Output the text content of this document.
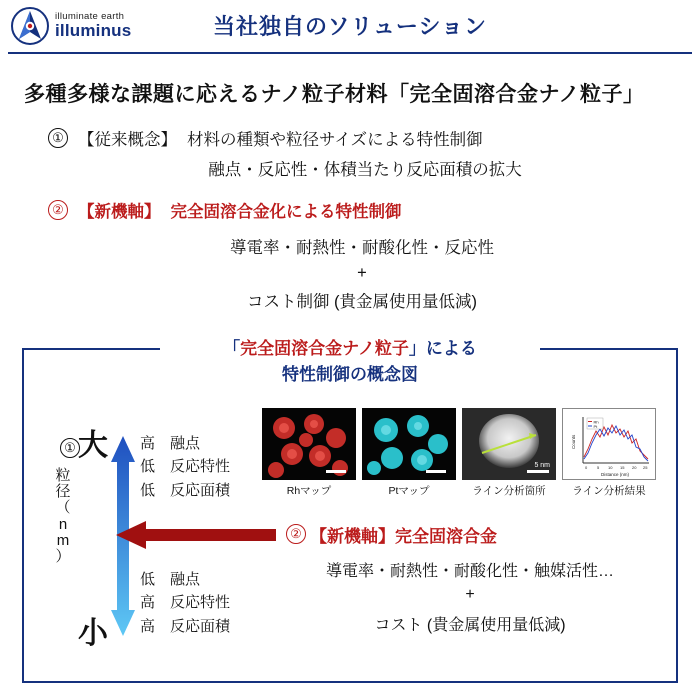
illuminate earth
illuminus	当社独自のソリューション
多種多様な課題に応えるナノ粒子材料「完全固溶合金ナノ粒子」
① 【従来概念】 材料の種類や粒径サイズによる特性制御
融点・反応性・体積当たり反応面積の拡大
② 【新機軸】 完全固溶合金化による特性制御
導電率・耐熱性・耐酸化性・反応性
+
コスト制御 (貴金属使用量低減)
「完全固溶合金ナノ粒子」による
特性制御の概念図
①
粒
径
（
n
m
）
大
小
高 融点
低 反応特性
低 反応面積
低 融点
高 反応特性
高 反応面積
Rhマップ	Ptマップ
5 nm
ライン分析箇所
Rh
Pt
0 5 10 15 20 25
Distance (nm)
Counts
ライン分析結果
② 【新機軸】完全固溶合金
導電率・耐熱性・耐酸化性・触媒活性…
+
コスト (貴金属使用量低減)
